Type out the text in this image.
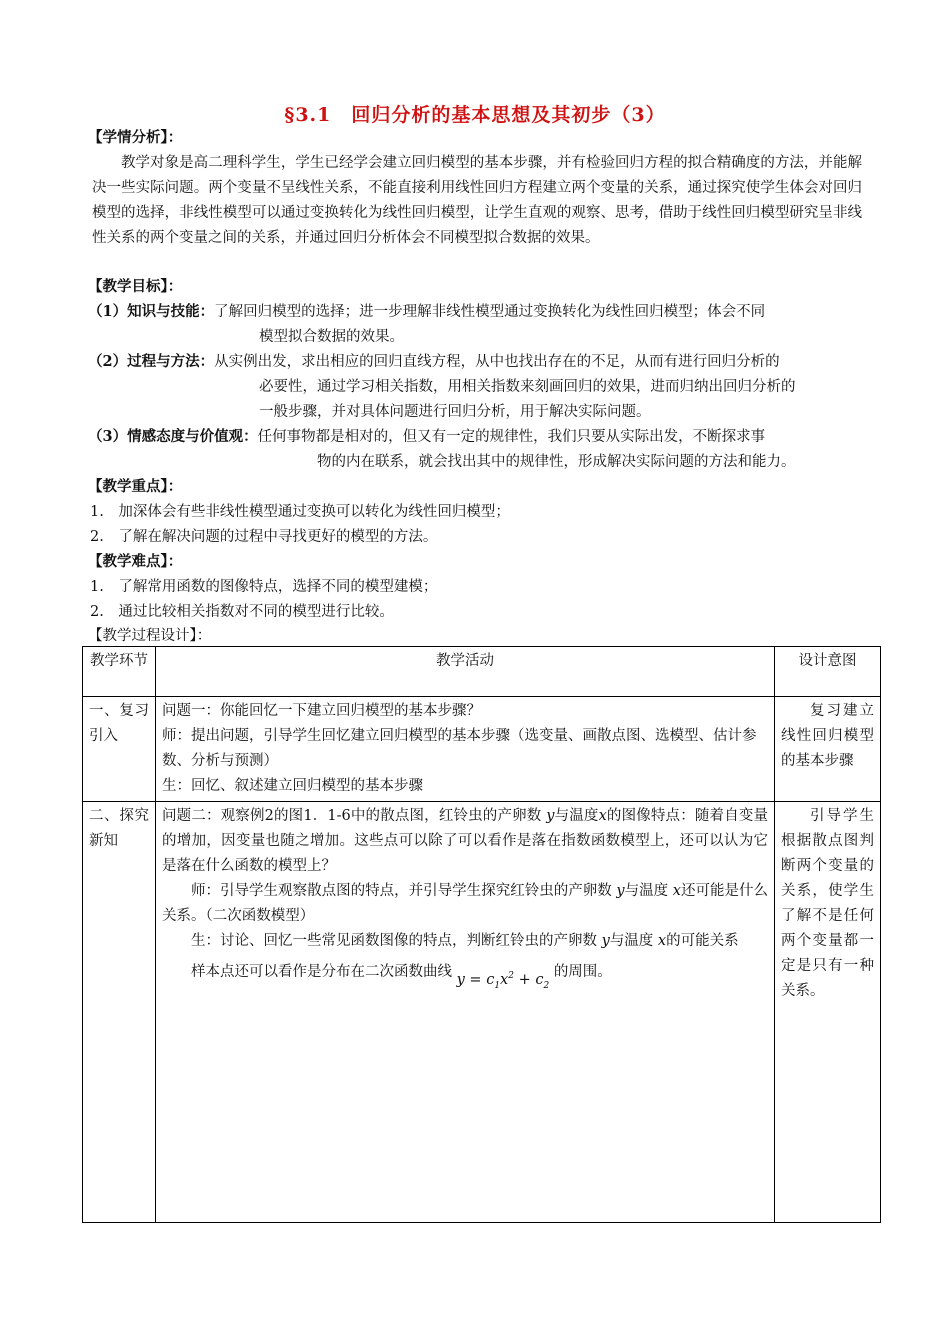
§3.1　回归分析的基本思想及其初步（3）
【学情分析】：
教学对象是高二理科学生，学生已经学会建立回归模型的基本步骤，并有检验回归方程的拟合精确度的方法，并能解决一些实际问题。两个变量不呈线性关系，不能直接利用线性回归方程建立两个变量的关系，通过探究使学生体会对回归模型的选择，非线性模型可以通过变换转化为线性回归模型，让学生直观的观察、思考，借助于线性回归模型研究呈非线性关系的两个变量之间的关系，并通过回归分析体会不同模型拟合数据的效果。
【教学目标】：
（1）知识与技能：了解回归模型的选择；进一步理解非线性模型通过变换转化为线性回归模型；体会不同
模型拟合数据的效果。
（2）过程与方法：从实例出发，求出相应的回归直线方程，从中也找出存在的不足，从而有进行回归分析的
必要性，通过学习相关指数，用相关指数来刻画回归的效果，进而归纳出回归分析的
一般步骤，并对具体问题进行回归分析，用于解决实际问题。
（3）情感态度与价值观：任何事物都是相对的，但又有一定的规律性，我们只要从实际出发，不断探求事
物的内在联系，就会找出其中的规律性，形成解决实际问题的方法和能力。
【教学重点】：
1.　加深体会有些非线性模型通过变换可以转化为线性回归模型；
2.　了解在解决问题的过程中寻找更好的模型的方法。
【教学难点】：
1.　了解常用函数的图像特点，选择不同的模型建模；
2.　通过比较相关指数对不同的模型进行比较。
【教学过程设计】：
教学环节	教学活动	设计意图
一、复习引入	问题一：你能回忆一下建立回归模型的基本步骤？
师：提出问题，引导学生回忆建立回归模型的基本步骤（选变量、画散点图、选模型、估计参数、分析与预测）
生：回忆、叙述建立回归模型的基本步骤	复习建立线性回归模型的基本步骤
二、探究新知	问题二：观察例2的图1．1-6中的散点图，红铃虫的产卵数 y与温度x的图像特点：随着自变量的增加，因变量也随之增加。这些点可以除了可以看作是落在指数函数模型上，还可以认为它是落在什么函数的模型上？
师：引导学生观察散点图的特点，并引导学生探究红铃虫的产卵数 y与温度 x还可能是什么关系。（二次函数模型）
生：讨论、回忆一些常见函数图像的特点，判断红铃虫的产卵数 y与温度 x的可能关系
样本点还可以看作是分布在二次函数曲线 $y = c_1x^2 + c_2$ 的周围。	引导学生根据散点图判断两个变量的关系，使学生了解不是任何两个变量都一定是只有一种关系。
